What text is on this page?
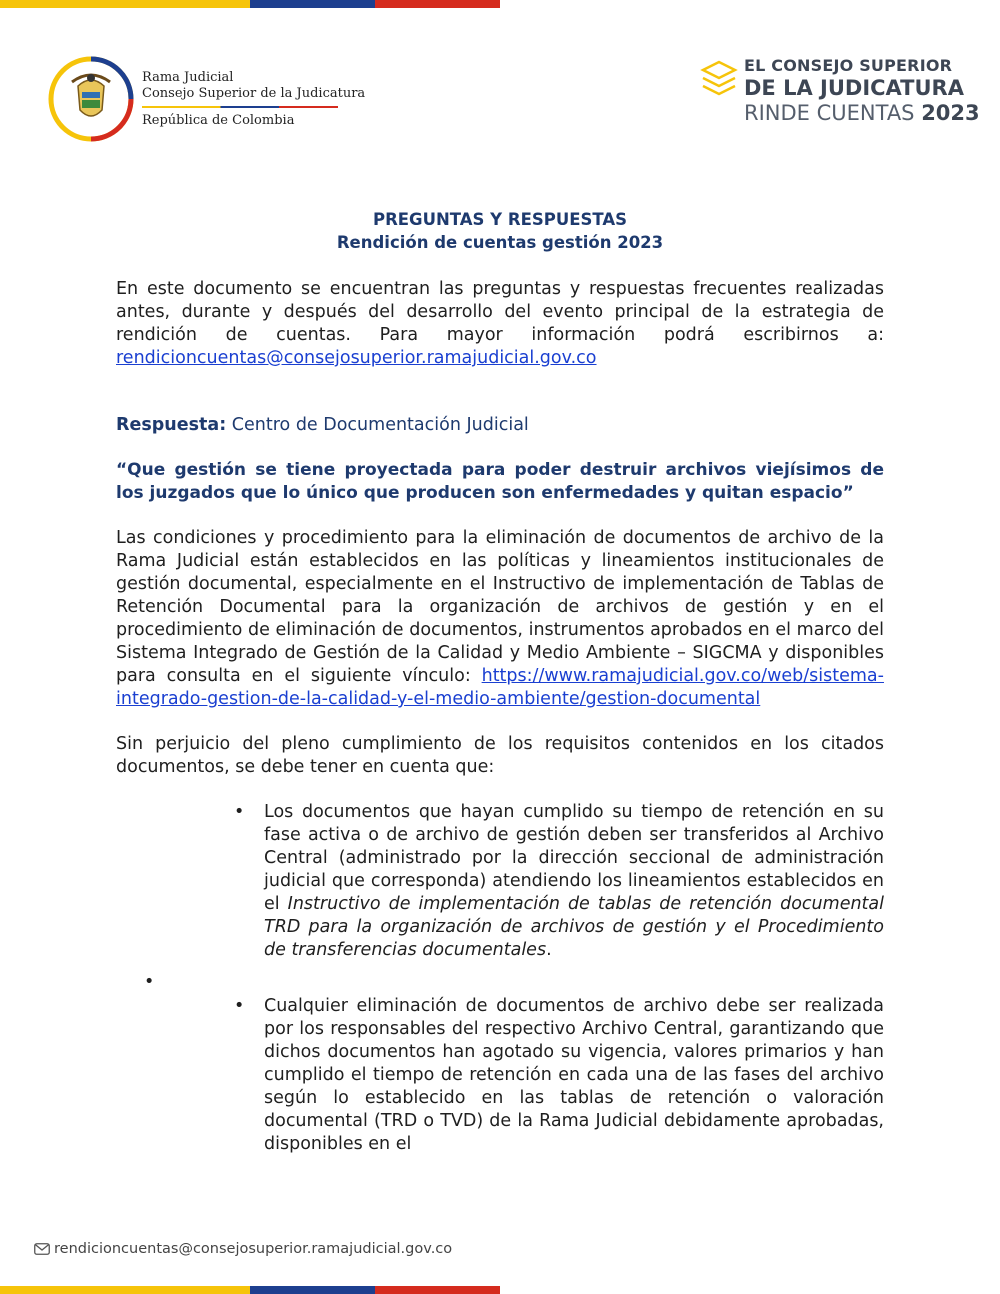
Rama Judicial
Consejo Superior de la Judicatura
República de Colombia
EL CONSEJO SUPERIOR
DE LA JUDICATURA
RINDE CUENTAS 2023
PREGUNTAS Y RESPUESTAS
Rendición de cuentas gestión 2023

En este documento se encuentran las preguntas y respuestas frecuentes realizadas antes, durante y después del desarrollo del evento principal de la estrategia de rendición de cuentas. Para mayor información podrá escribirnos a: rendicioncuentas@consejosuperior.ramajudicial.gov.co

Respuesta: Centro de Documentación Judicial

“Que gestión se tiene proyectada para poder destruir archivos viejísimos de los juzgados que lo único que producen son enfermedades y quitan espacio”

Las condiciones y procedimiento para la eliminación de documentos de archivo de la Rama Judicial están establecidos en las políticas y lineamientos institucionales de gestión documental, especialmente en el Instructivo de implementación de Tablas de Retención Documental para la organización de archivos de gestión y en el procedimiento de eliminación de documentos, instrumentos aprobados en el marco del Sistema Integrado de Gestión de la Calidad y Medio Ambiente – SIGCMA y disponibles para consulta en el siguiente vínculo: https://www.ramajudicial.gov.co/web/sistema-integrado-gestion-de-la-calidad-y-el-medio-ambiente/gestion-documental

Sin perjuicio del pleno cumplimiento de los requisitos contenidos en los citados documentos, se debe tener en cuenta que:

• Los documentos que hayan cumplido su tiempo de retención en su fase activa o de archivo de gestión deben ser transferidos al Archivo Central (administrado por la dirección seccional de administración judicial que corresponda) atendiendo los lineamientos establecidos en el Instructivo de implementación de tablas de retención documental TRD para la organización de archivos de gestión y el Procedimiento de transferencias documentales.
•
• Cualquier eliminación de documentos de archivo debe ser realizada por los responsables del respectivo Archivo Central, garantizando que dichos documentos han agotado su vigencia, valores primarios y han cumplido el tiempo de retención en cada una de las fases del archivo según lo establecido en las tablas de retención o valoración documental (TRD o TVD) de la Rama Judicial debidamente aprobadas, disponibles en el
rendicioncuentas@consejosuperior.ramajudicial.gov.co
